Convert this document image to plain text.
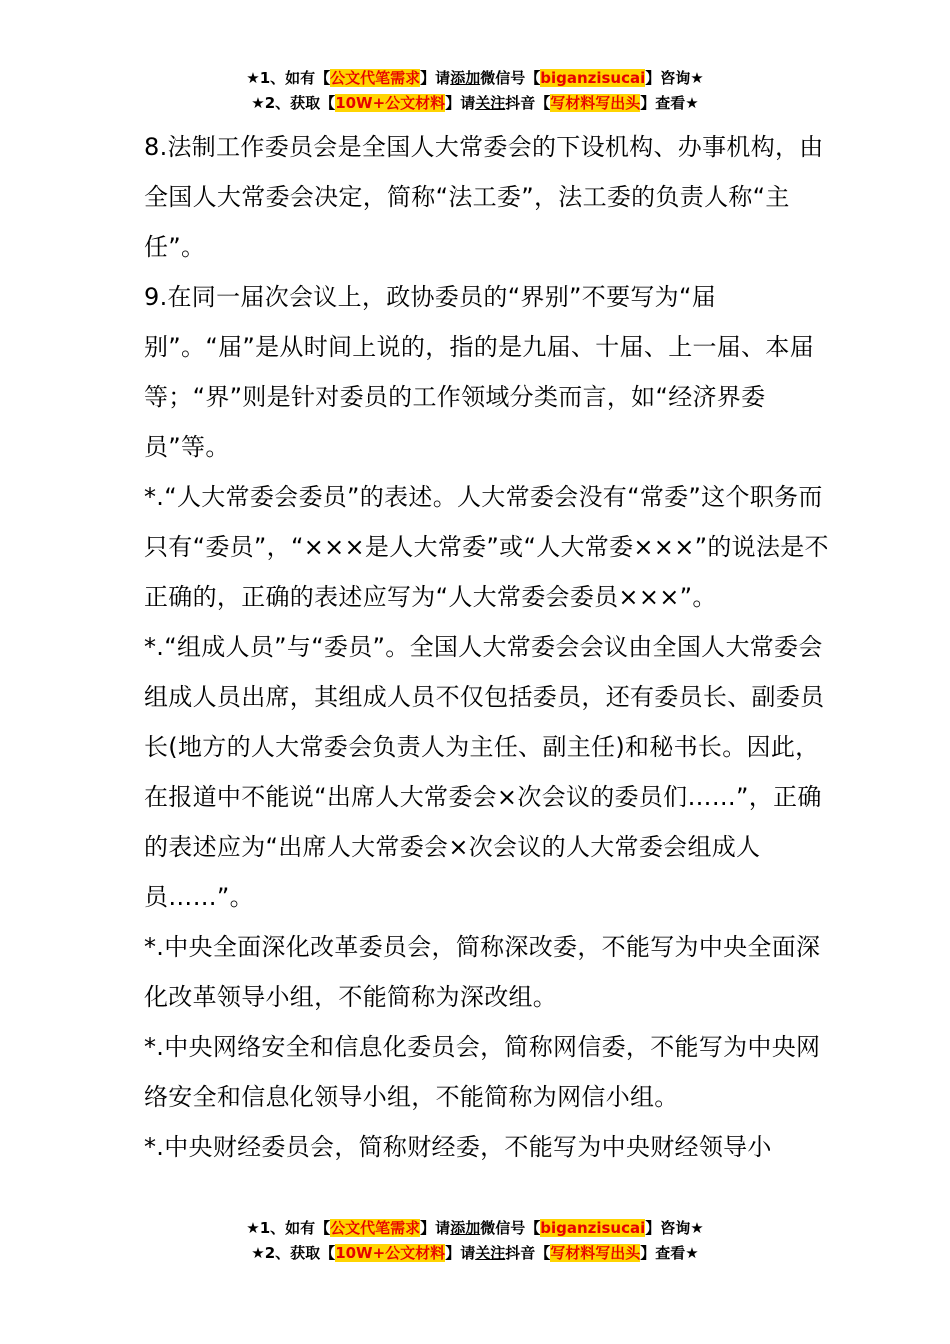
★1、如有【公文代笔需求】请添加微信号【biganzisucai】咨询★
★2、获取【10W+公文材料】请关注抖音【写材料写出头】查看★

8.法制工作委员会是全国人大常委会的下设机构、办事机构，由全国人大常委会决定，简称“法工委”，法工委的负责人称“主任”。

9.在同一届次会议上，政协委员的“界别”不要写为“届别”。“届”是从时间上说的，指的是九届、十届、上一届、本届等；“界”则是针对委员的工作领域分类而言，如“经济界委员”等。

*.“人大常委会委员”的表述。人大常委会没有“常委”这个职务而只有“委员”，“×××是人大常委”或“人大常委×××”的说法是不正确的，正确的表述应写为“人大常委会委员×××”。

*.“组成人员”与“委员”。全国人大常委会会议由全国人大常委会组成人员出席，其组成人员不仅包括委员，还有委员长、副委员长(地方的人大常委会负责人为主任、副主任)和秘书长。因此，在报道中不能说“出席人大常委会×次会议的委员们……”，正确的表述应为“出席人大常委会×次会议的人大常委会组成人员……”。

*.中央全面深化改革委员会，简称深改委，不能写为中央全面深化改革领导小组，不能简称为深改组。

*.中央网络安全和信息化委员会，简称网信委，不能写为中央网络安全和信息化领导小组，不能简称为网信小组。

*.中央财经委员会，简称财经委，不能写为中央财经领导小

★1、如有【公文代笔需求】请添加微信号【biganzisucai】咨询★
★2、获取【10W+公文材料】请关注抖音【写材料写出头】查看★
